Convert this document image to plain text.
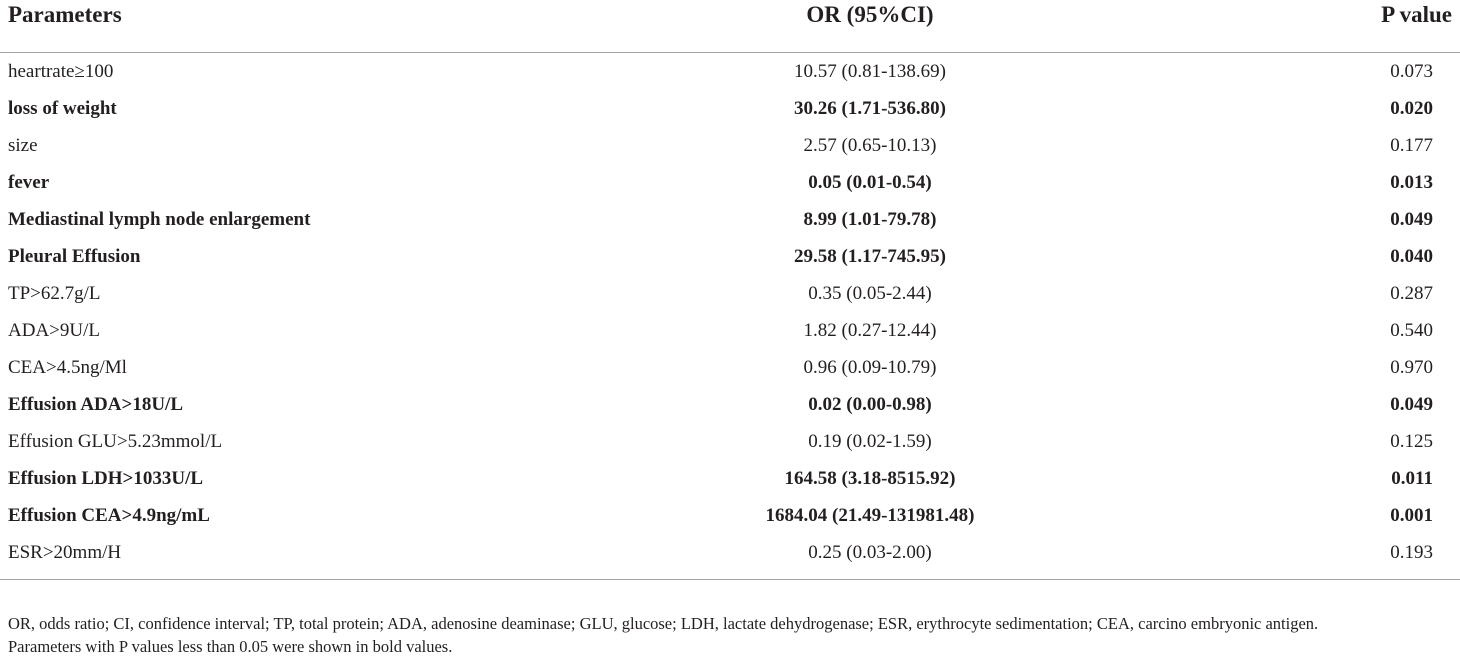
Parameters	OR (95%CI)	P value
heartrate≥100	10.57 (0.81-138.69)	0.073
loss of weight	30.26 (1.71-536.80)	0.020
size	2.57 (0.65-10.13)	0.177
fever	0.05 (0.01-0.54)	0.013
Mediastinal lymph node enlargement	8.99 (1.01-79.78)	0.049
Pleural Effusion	29.58 (1.17-745.95)	0.040
TP>62.7g/L	0.35 (0.05-2.44)	0.287
ADA>9U/L	1.82 (0.27-12.44)	0.540
CEA>4.5ng/Ml	0.96 (0.09-10.79)	0.970
Effusion ADA>18U/L	0.02 (0.00-0.98)	0.049
Effusion GLU>5.23mmol/L	0.19 (0.02-1.59)	0.125
Effusion LDH>1033U/L	164.58 (3.18-8515.92)	0.011
Effusion CEA>4.9ng/mL	1684.04 (21.49-131981.48)	0.001
ESR>20mm/H	0.25 (0.03-2.00)	0.193
OR, odds ratio; CI, confidence interval; TP, total protein; ADA, adenosine deaminase; GLU, glucose; LDH, lactate dehydrogenase; ESR, erythrocyte sedimentation; CEA, carcino embryonic antigen.
Parameters with P values less than 0.05 were shown in bold values.
